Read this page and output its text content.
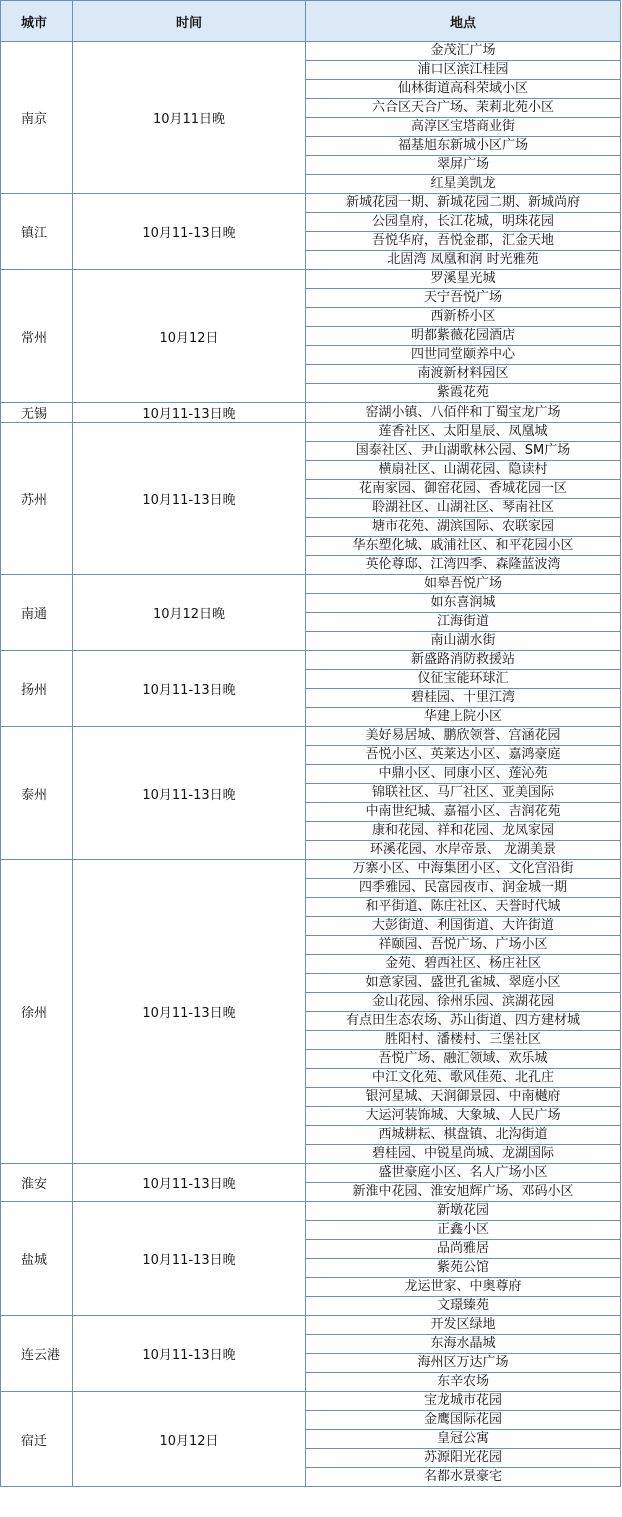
城市	时间	地点
南京	10月11日晚	金茂汇广场
		浦口区滨江桂园
		仙林街道高科荣域小区
		六合区天合广场、茉莉北苑小区
		高淳区宝塔商业街
		福基旭东新城小区广场
		翠屏广场
		红星美凯龙
镇江	10月11-13日晚	新城花园一期、新城花园二期、新城尚府
		公园皇府，长江花城，明珠花园
		吾悦华府，吾悦金郡，汇金天地
		北固湾 凤凰和润 时光雅苑
常州	10月12日	罗溪星光城
		天宁吾悦广场
		西新桥小区
		明都紫薇花园酒店
		四世同堂颐养中心
		南渡新材料园区
		紫霞花苑
无锡	10月11-13日晚	窑湖小镇、八佰伴和丁蜀宝龙广场
苏州	10月11-13日晚	莲香社区、太阳星辰、凤凰城
		国泰社区、尹山湖歌林公园、SM广场
		横扇社区、山湖花园、隐读村
		花南家园、御窑花园、香城花园一区
		聆湖社区、山湖社区、琴南社区
		塘市花苑、湖滨国际、农联家园
		华东塑化城、戚浦社区、和平花园小区
		英伦尊邸、江湾四季、森隆蓝波湾
南通	10月12日晚	如皋吾悦广场
		如东喜润城
		江海街道
		南山湖水街
扬州	10月11-13日晚	新盛路消防救援站
		仪征宝能环球汇
		碧桂园、十里江湾
		华建上院小区
泰州	10月11-13日晚	美好易居城、鹏欣领誉、宫涵花园
		吾悦小区、英莱达小区、嘉鸿豪庭
		中鼎小区、同康小区、莲沁苑
		锦联社区、马厂社区、亚美国际
		中南世纪城、嘉福小区、吉润花苑
		康和花园、祥和花园、龙凤家园
		环溪花园、水岸帝景、 龙湖美景
徐州	10月11-13日晚	万寨小区、中海集团小区、文化宫沿街
		四季雅园、民富园夜市、润金城一期
		和平街道、陈庄社区、天誉时代城
		大彭街道、利国街道、大许街道
		祥颐园、吾悦广场、广场小区
		金苑、碧西社区、杨庄社区
		如意家园、盛世孔雀城、翠庭小区
		金山花园、徐州乐园、滨湖花园
		有点田生态农场、苏山街道、四方建材城
		胜阳村、潘楼村、三堡社区
		吾悦广场、融汇领域、欢乐城
		中江文化苑、歌风佳苑、北孔庄
		银河星城、天润御景园、中南樾府
		大运河装饰城、大象城、人民广场
		西城耕耘、棋盘镇、北沟街道
		碧桂园、中锐星尚城、龙湖国际
淮安	10月11-13日晚	盛世豪庭小区、名人广场小区
		新淮中花园、淮安旭辉广场、邓码小区
盐城	10月11-13日晚	新墩花园
		正鑫小区
		品尚雅居
		紫苑公馆
		龙运世家、中奥尊府
		文璟臻苑
连云港	10月11-13日晚	开发区绿地
		东海水晶城
		海州区万达广场
		东辛农场
宿迁	10月12日	宝龙城市花园
		金鹰国际花园
		皇冠公寓
		苏源阳光花园
		名都水景豪宅
